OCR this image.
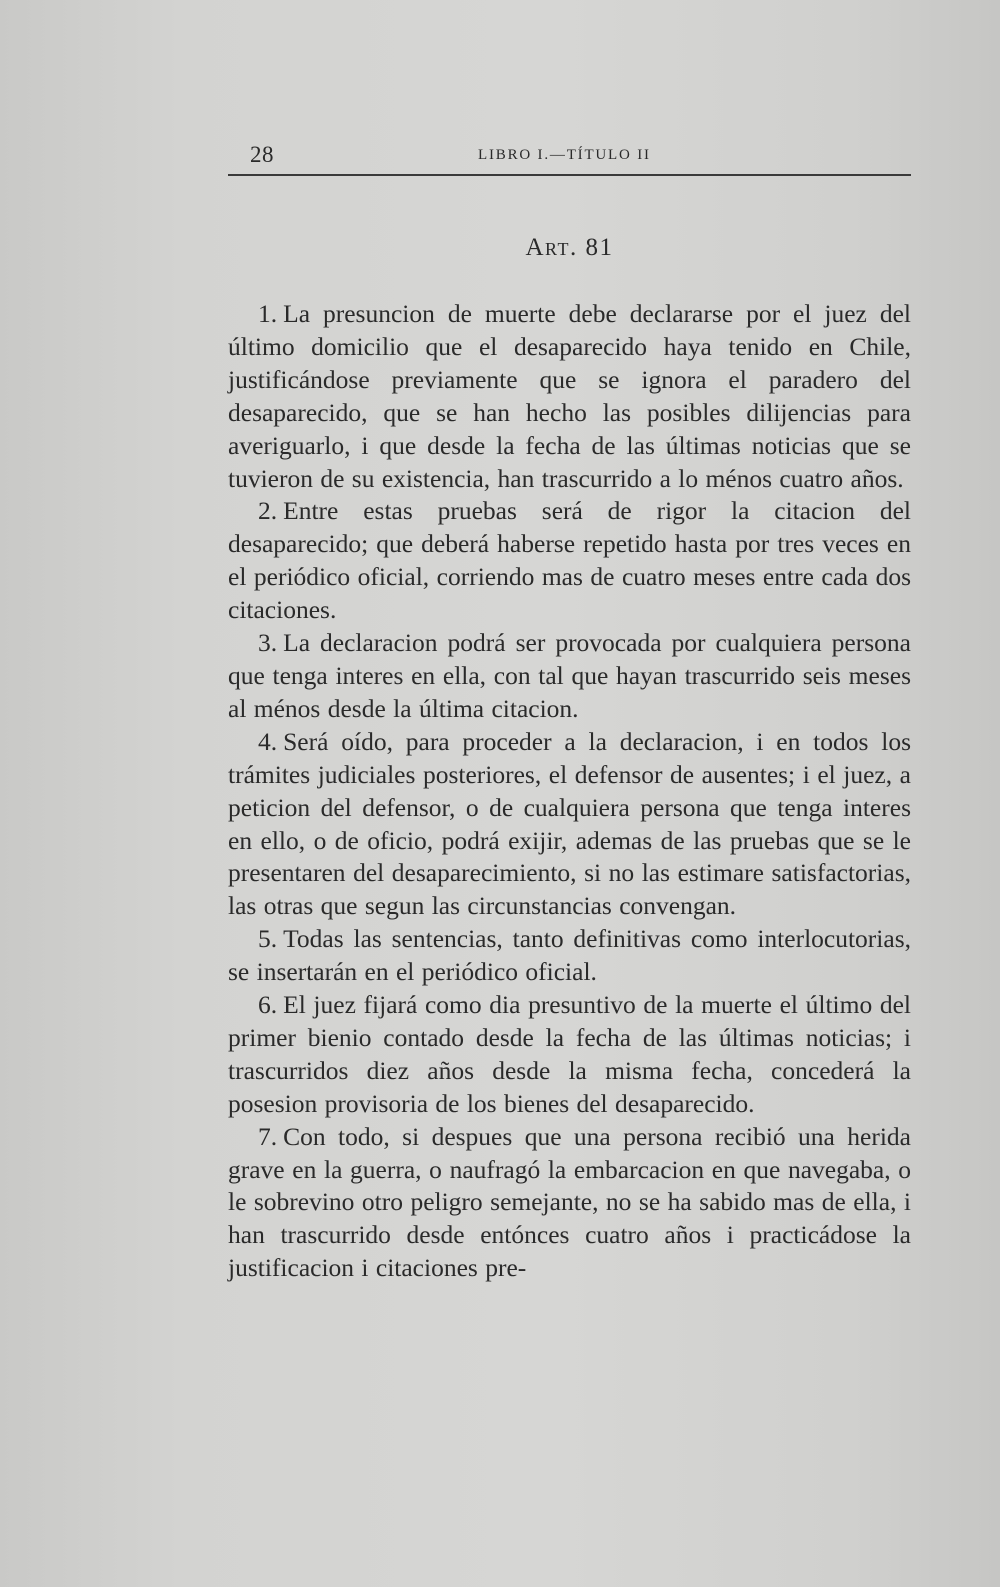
28	LIBRO I.—TÍTULO II
Art. 81

1. La presuncion de muerte debe declararse por el juez del último domicilio que el desaparecido haya tenido en Chile, justificándose previamente que se ignora el paradero del desaparecido, que se han hecho las posibles dilijencias para averiguarlo, i que desde la fecha de las últimas noticias que se tuvieron de su existencia, han trascurrido a lo ménos cuatro años.

2. Entre estas pruebas será de rigor la citacion del desaparecido; que deberá haberse repetido hasta por tres veces en el periódico oficial, corriendo mas de cuatro meses entre cada dos citaciones.

3. La declaracion podrá ser provocada por cualquiera persona que tenga interes en ella, con tal que hayan trascurrido seis meses al ménos desde la última citacion.

4. Será oído, para proceder a la declaracion, i en todos los trámites judiciales posteriores, el defensor de ausentes; i el juez, a peticion del defensor, o de cualquiera persona que tenga interes en ello, o de oficio, podrá exijir, ademas de las pruebas que se le presentaren del desaparecimiento, si no las estimare satisfactorias, las otras que segun las circunstancias convengan.

5. Todas las sentencias, tanto definitivas como interlocutorias, se insertarán en el periódico oficial.

6. El juez fijará como dia presuntivo de la muerte el último del primer bienio contado desde la fecha de las últimas noticias; i trascurridos diez años desde la misma fecha, concederá la posesion provisoria de los bienes del desaparecido.

7. Con todo, si despues que una persona recibió una herida grave en la guerra, o naufragó la embarcacion en que navegaba, o le sobrevino otro peligro semejante, no se ha sabido mas de ella, i han trascurrido desde entónces cuatro años i practicádose la justificacion i citaciones pre-
